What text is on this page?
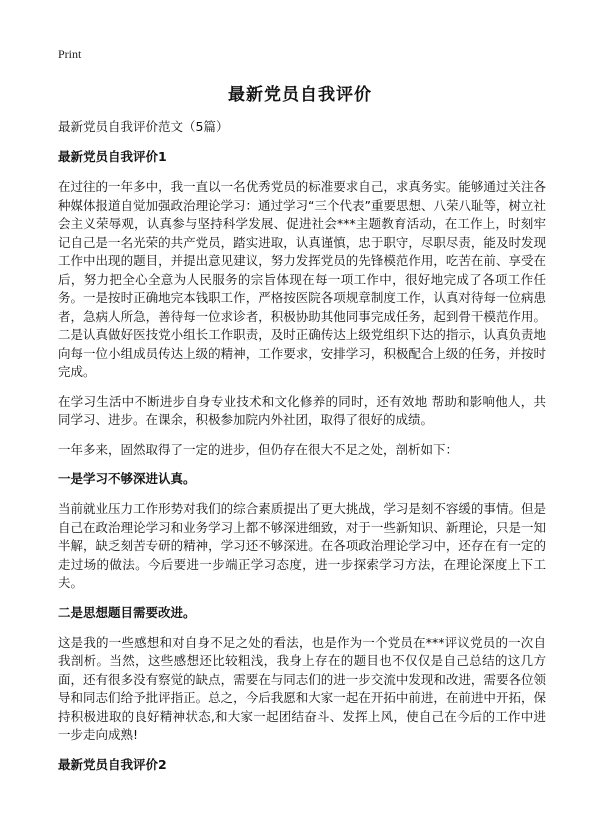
Print
最新党员自我评价
最新党员自我评价范文（5篇）
最新党员自我评价1

在过往的一年多中，我一直以一名优秀党员的标准要求自己，求真务实。能够通过关注各种媒体报道自觉加强政治理论学习：通过学习“三个代表”重要思想、八荣八耻等，树立社会主义荣辱观，认真参与坚持科学发展、促进社会***主题教育活动，在工作上，时刻牢记自己是一名光荣的共产党员，踏实进取，认真谨慎，忠于职守，尽职尽责，能及时发现工作中出现的题目，并提出意见建议，努力发挥党员的先锋模范作用，吃苦在前、享受在后，努力把全心全意为人民服务的宗旨体现在每一项工作中，很好地完成了各项工作任务。一是按时正确地完本钱职工作，严格按医院各项规章制度工作，认真对待每一位病患者，急病人所急，善待每一位求诊者，积极协助其他同事完成任务，起到骨干模范作用。二是认真做好医技党小组长工作职责，及时正确传达上级党组织下达的指示，认真负责地向每一位小组成员传达上级的精神，工作要求，安排学习，积极配合上级的任务，并按时完成。

在学习生活中不断进步自身专业技术和文化修养的同时，还有效地 帮助和影响他人，共同学习、进步。在课余，积极参加院内外社团，取得了很好的成绩。

一年多来，固然取得了一定的进步，但仍存在很大不足之处，剖析如下：

一是学习不够深进认真。

当前就业压力工作形势对我们的综合素质提出了更大挑战，学习是刻不容缓的事情。但是自己在政治理论学习和业务学习上都不够深进细致，对于一些新知识、新理论，只是一知半解，缺乏刻苦专研的精神，学习还不够深进。在各项政治理论学习中，还存在有一定的走过场的做法。今后要进一步端正学习态度，进一步探索学习方法，在理论深度上下工夫。

二是思想题目需要改进。

这是我的一些感想和对自身不足之处的看法，也是作为一个党员在***评议党员的一次自我剖析。当然，这些感想还比较粗浅，我身上存在的题目也不仅仅是自己总结的这几方面，还有很多没有察觉的缺点，需要在与同志们的进一步交流中发现和改进，需要各位领导和同志们给予批评指正。总之，今后我愿和大家一起在开拓中前进，在前进中开拓，保持积极进取的良好精神状态,和大家一起团结奋斗、发挥上风，使自己在今后的工作中进一步走向成熟!

最新党员自我评价2
